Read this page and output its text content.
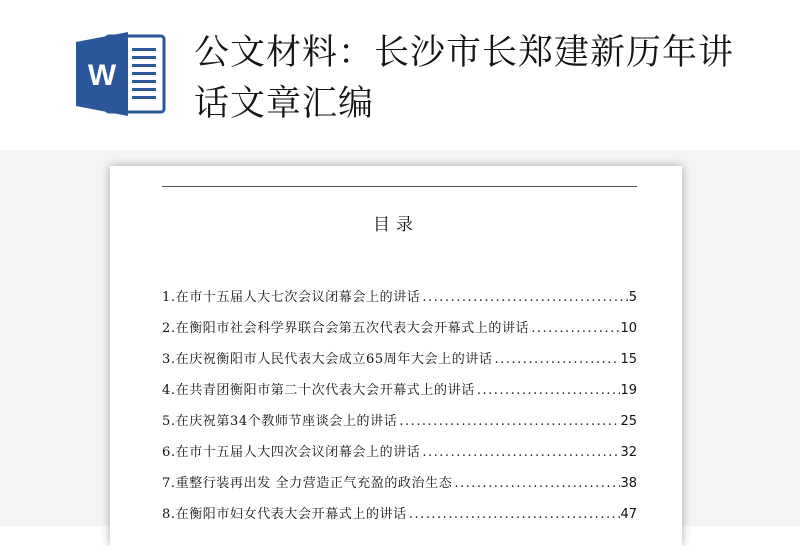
W
公文材料：长沙市长郑建新历年讲话文章汇编
目录
1.在市十五届人大七次会议闭幕会上的讲话 .....	5
2.在衡阳市社会科学界联合会第五次代表大会开幕式上的讲话 .....	10
3.在庆祝衡阳市人民代表大会成立65周年大会上的讲话 .....	15
4.在共青团衡阳市第二十次代表大会开幕式上的讲话 .....	19
5.在庆祝第34个教师节座谈会上的讲话 .....	25
6.在市十五届人大四次会议闭幕会上的讲话 .....	32
7.重整行装再出发 全力营造正气充盈的政治生态 .....	38
8.在衡阳市妇女代表大会开幕式上的讲话 .....	47
